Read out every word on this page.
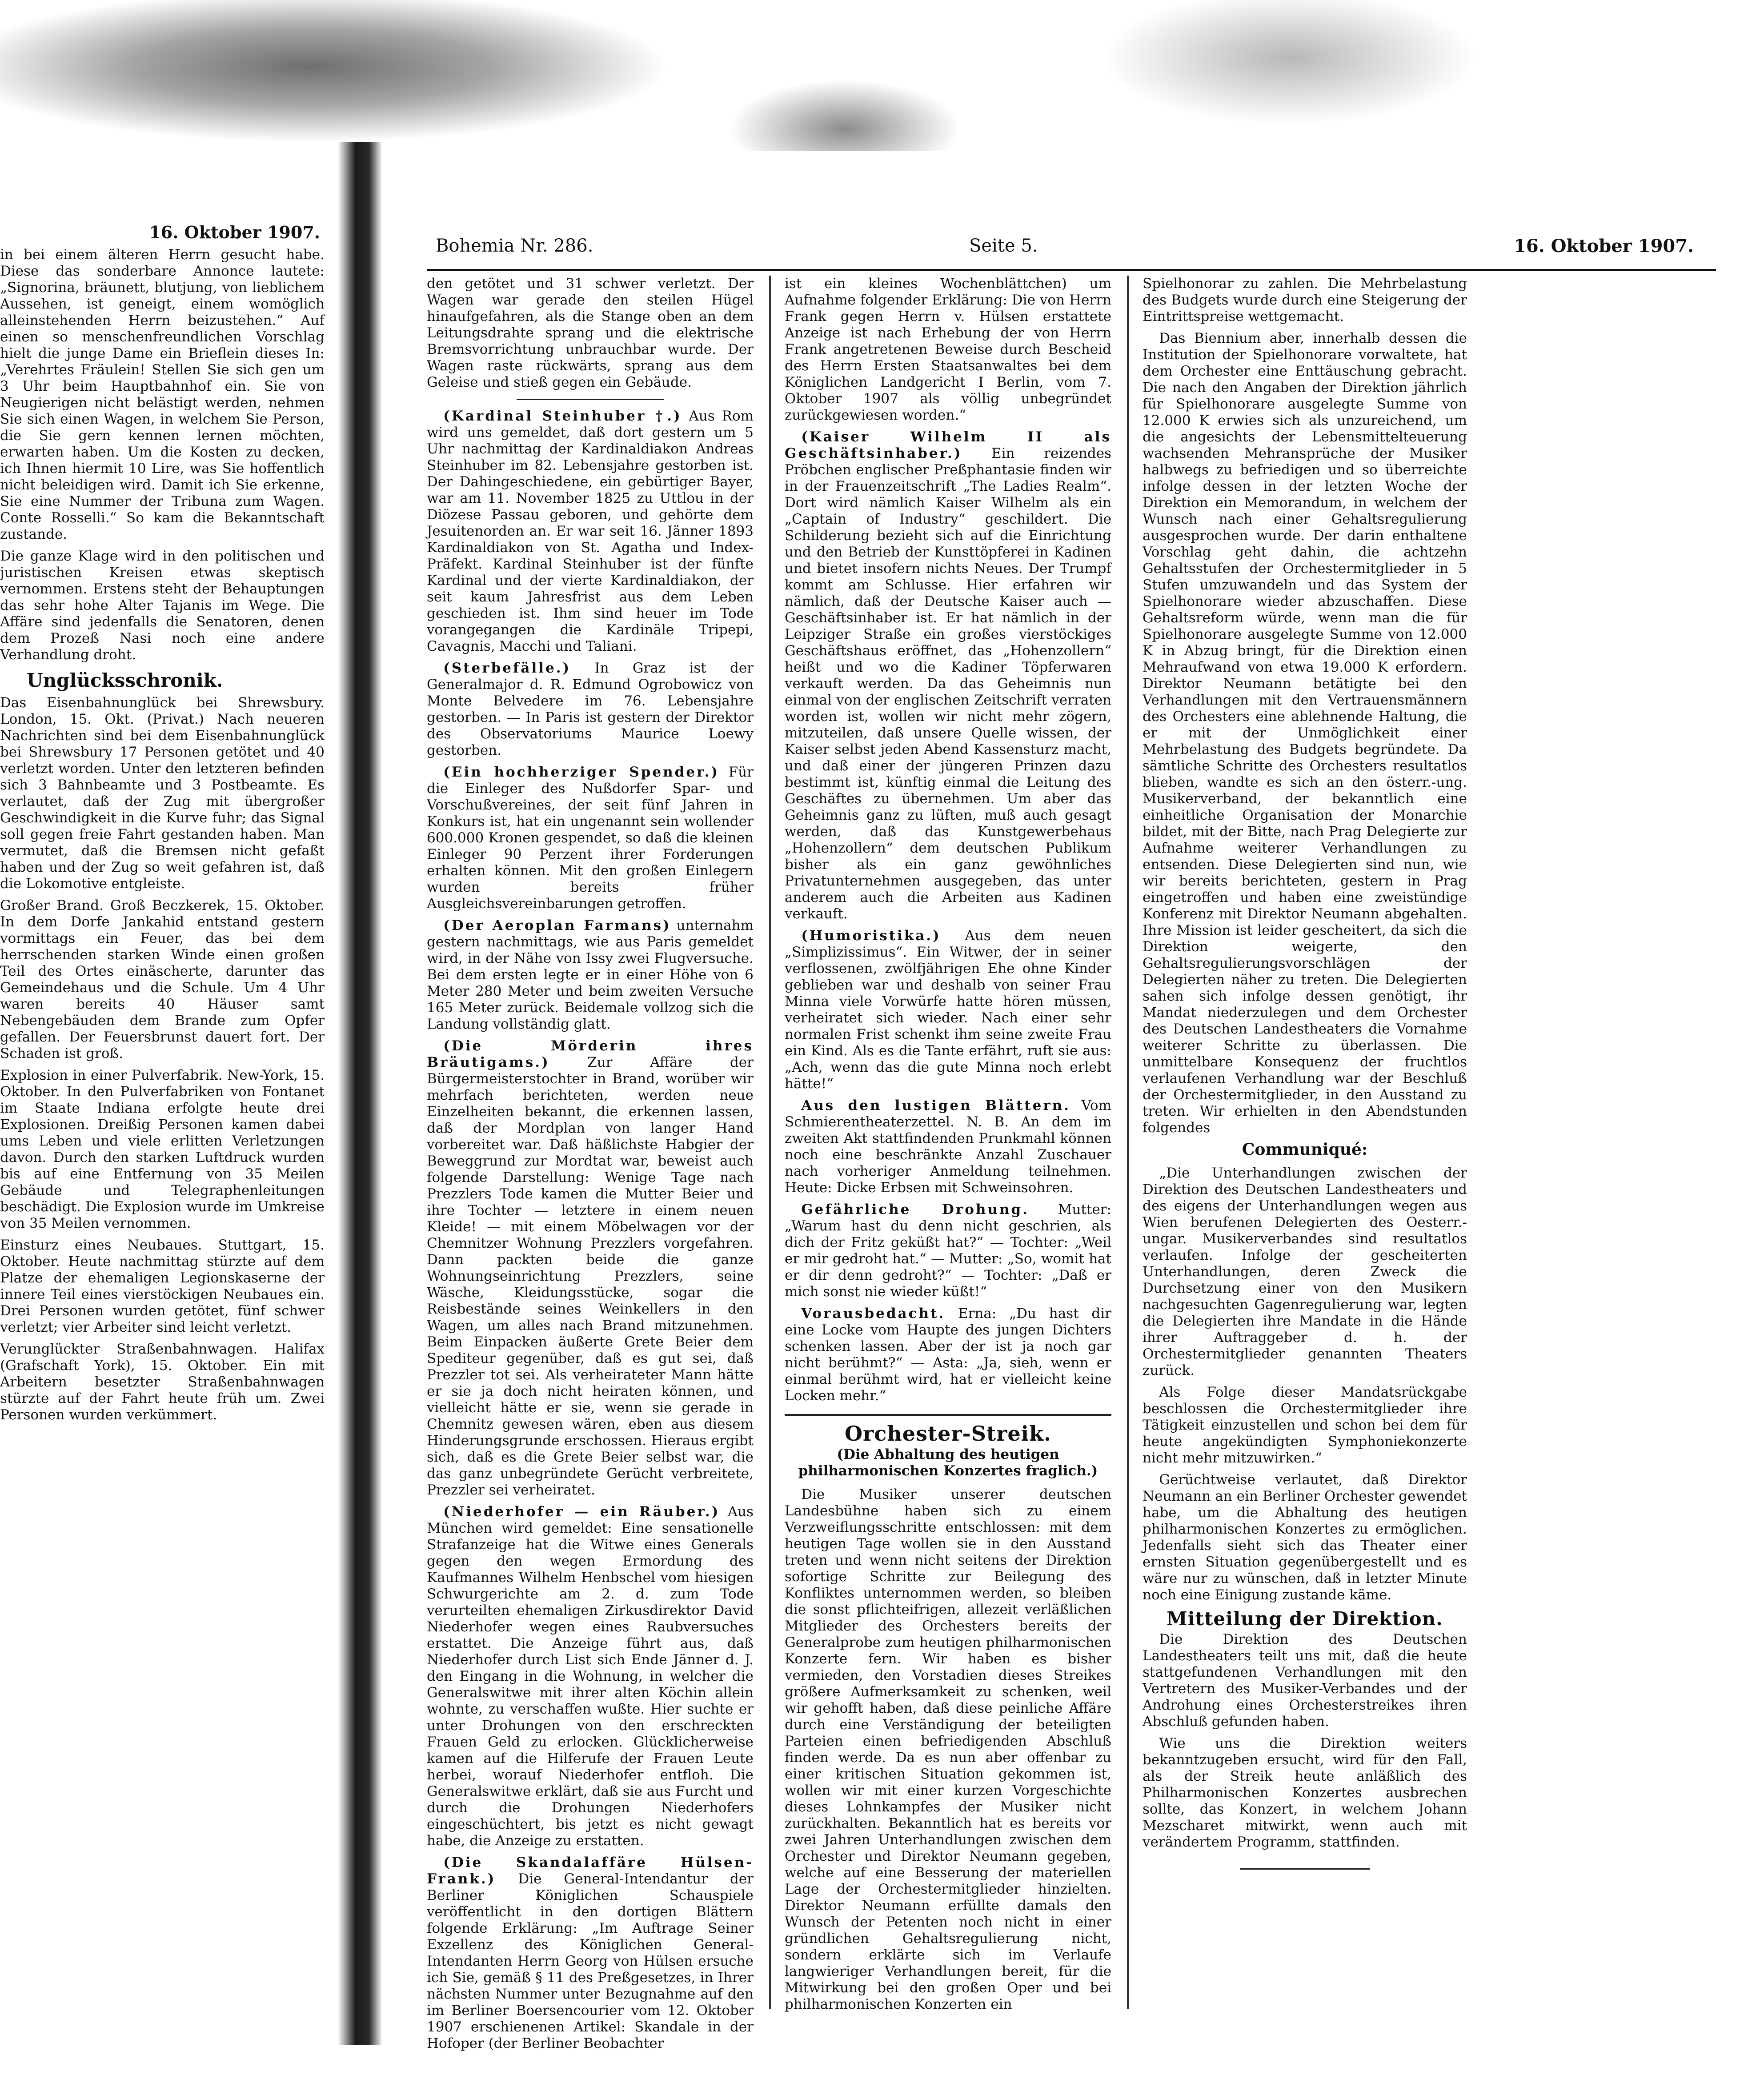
16. Oktober 1907.

in bei einem älteren Herrn gesucht habe. Diese das sonderbare Annonce lautete: „Signorina, bräunett, blutjung, von lieblichem Aussehen, ist geneigt, einem womöglich alleinstehenden Herrn beizustehen.“ Auf einen so menschenfreundlichen Vorschlag hielt die junge Dame ein Brieflein dieses In: „Verehrtes Fräulein! Stellen Sie sich gen um 3 Uhr beim Hauptbahnhof ein. Sie von Neugierigen nicht belästigt werden, nehmen Sie sich einen Wagen, in welchem Sie Person, die Sie gern kennen lernen möchten, erwarten haben. Um die Kosten zu decken, ich Ihnen hiermit 10 Lire, was Sie hoffentlich nicht beleidigen wird. Damit ich Sie erkenne, Sie eine Nummer der Tribuna zum Wagen. Conte Rosselli.“ So kam die Bekanntschaft zustande.

Die ganze Klage wird in den politischen und juristischen Kreisen etwas skeptisch vernommen. Erstens steht der Behauptungen das sehr hohe Alter Tajanis im Wege. Die Affäre sind jedenfalls die Senatoren, denen dem Prozeß Nasi noch eine andere Verhandlung droht.

Unglücksschronik.

Das Eisenbahnunglück bei Shrewsbury. London, 15. Okt. (Privat.) Nach neueren Nachrichten sind bei dem Eisenbahnunglück bei Shrewsbury 17 Personen getötet und 40 verletzt worden. Unter den letzteren befinden sich 3 Bahnbeamte und 3 Postbeamte. Es verlautet, daß der Zug mit übergroßer Geschwindigkeit in die Kurve fuhr; das Signal soll gegen freie Fahrt gestanden haben. Man vermutet, daß die Bremsen nicht gefaßt haben und der Zug so weit gefahren ist, daß die Lokomotive entgleiste.

Großer Brand. Groß Beczkerek, 15. Oktober. In dem Dorfe Jankahid entstand gestern vormittags ein Feuer, das bei dem herrschenden starken Winde einen großen Teil des Ortes einäscherte, darunter das Gemeindehaus und die Schule. Um 4 Uhr waren bereits 40 Häuser samt Nebengebäuden dem Brande zum Opfer gefallen. Der Feuersbrunst dauert fort. Der Schaden ist groß.

Explosion in einer Pulverfabrik. New-York, 15. Oktober. In den Pulverfabriken von Fontanet im Staate Indiana erfolgte heute drei Explosionen. Dreißig Personen kamen dabei ums Leben und viele erlitten Verletzungen davon. Durch den starken Luftdruck wurden bis auf eine Entfernung von 35 Meilen Gebäude und Telegraphenleitungen beschädigt. Die Explosion wurde im Umkreise von 35 Meilen vernommen.

Einsturz eines Neubaues. Stuttgart, 15. Oktober. Heute nachmittag stürzte auf dem Platze der ehemaligen Legionskaserne der innere Teil eines vierstöckigen Neubaues ein. Drei Personen wurden getötet, fünf schwer verletzt; vier Arbeiter sind leicht verletzt.

Verunglückter Straßenbahnwagen. Halifax (Grafschaft York), 15. Oktober. Ein mit Arbeitern besetzter Straßenbahnwagen stürzte auf der Fahrt heute früh um. Zwei Personen wurden verkümmert.

Bohemia Nr. 286.	Seite 5.	16. Oktober 1907.

den getötet und 31 schwer verletzt. Der Wagen war gerade den steilen Hügel hinaufgefahren, als die Stange oben an dem Leitungsdrahte sprang und die elektrische Bremsvorrichtung unbrauchbar wurde. Der Wagen raste rückwärts, sprang aus dem Geleise und stieß gegen ein Gebäude.

(Kardinal Steinhuber †.) Aus Rom wird uns gemeldet, daß dort gestern um 5 Uhr nachmittag der Kardinaldiakon Andreas Steinhuber im 82. Lebensjahre gestorben ist. Der Dahingeschiedene, ein gebürtiger Bayer, war am 11. November 1825 zu Uttlou in der Diözese Passau geboren, und gehörte dem Jesuitenorden an. Er war seit 16. Jänner 1893 Kardinaldiakon von St. Agatha und Index-Präfekt. Kardinal Steinhuber ist der fünfte Kardinal und der vierte Kardinaldiakon, der seit kaum Jahresfrist aus dem Leben geschieden ist. Ihm sind heuer im Tode vorangegangen die Kardinäle Tripepi, Cavagnis, Macchi und Taliani.

(Sterbefälle.) In Graz ist der Generalmajor d. R. Edmund Ogrobowicz von Monte Belvedere im 76. Lebensjahre gestorben. — In Paris ist gestern der Direktor des Observatoriums Maurice Loewy gestorben.

(Ein hochherziger Spender.) Für die Einleger des Nußdorfer Spar- und Vorschußvereines, der seit fünf Jahren in Konkurs ist, hat ein ungenannt sein wollender 600.000 Kronen gespendet, so daß die kleinen Einleger 90 Perzent ihrer Forderungen erhalten können. Mit den großen Einlegern wurden bereits früher Ausgleichsvereinbarungen getroffen.

(Der Aeroplan Farmans) unternahm gestern nachmittags, wie aus Paris gemeldet wird, in der Nähe von Issy zwei Flugversuche. Bei dem ersten legte er in einer Höhe von 6 Meter 280 Meter und beim zweiten Versuche 165 Meter zurück. Beidemale vollzog sich die Landung vollständig glatt.

(Die Mörderin ihres Bräutigams.) Zur Affäre der Bürgermeisterstochter in Brand, worüber wir mehrfach berichteten, werden neue Einzelheiten bekannt, die erkennen lassen, daß der Mordplan von langer Hand vorbereitet war. Daß häßlichste Habgier der Beweggrund zur Mordtat war, beweist auch folgende Darstellung: Wenige Tage nach Prezzlers Tode kamen die Mutter Beier und ihre Tochter — letztere in einem neuen Kleide! — mit einem Möbelwagen vor der Chemnitzer Wohnung Prezzlers vorgefahren. Dann packten beide die ganze Wohnungseinrichtung Prezzlers, seine Wäsche, Kleidungsstücke, sogar die Reisbestände seines Weinkellers in den Wagen, um alles nach Brand mitzunehmen. Beim Einpacken äußerte Grete Beier dem Spediteur gegenüber, daß es gut sei, daß Prezzler tot sei. Als verheirateter Mann hätte er sie ja doch nicht heiraten können, und vielleicht hätte er sie, wenn sie gerade in Chemnitz gewesen wären, eben aus diesem Hinderungsgrunde erschossen. Hieraus ergibt sich, daß es die Grete Beier selbst war, die das ganz unbegründete Gerücht verbreitete, Prezzler sei verheiratet.

(Niederhofer — ein Räuber.) Aus München wird gemeldet: Eine sensationelle Strafanzeige hat die Witwe eines Generals gegen den wegen Ermordung des Kaufmannes Wilhelm Henbschel vom hiesigen Schwurgerichte am 2. d. zum Tode verurteilten ehemaligen Zirkusdirektor David Niederhofer wegen eines Raubversuches erstattet. Die Anzeige führt aus, daß Niederhofer durch List sich Ende Jänner d. J. den Eingang in die Wohnung, in welcher die Generalswitwe mit ihrer alten Köchin allein wohnte, zu verschaffen wußte. Hier suchte er unter Drohungen von den erschreckten Frauen Geld zu erlocken. Glücklicherweise kamen auf die Hilferufe der Frauen Leute herbei, worauf Niederhofer entfloh. Die Generalswitwe erklärt, daß sie aus Furcht und durch die Drohungen Niederhofers eingeschüchtert, bis jetzt es nicht gewagt habe, die Anzeige zu erstatten.

(Die Skandalaffäre Hülsen-Frank.) Die General-Intendantur der Berliner Königlichen Schauspiele veröffentlicht in den dortigen Blättern folgende Erklärung: „Im Auftrage Seiner Exzellenz des Königlichen General-Intendanten Herrn Georg von Hülsen ersuche ich Sie, gemäß § 11 des Preßgesetzes, in Ihrer nächsten Nummer unter Bezugnahme auf den im Berliner Boersencourier vom 12. Oktober 1907 erschienenen Artikel: Skandale in der Hofoper (der Berliner Beobachter

ist ein kleines Wochenblättchen) um Aufnahme folgender Erklärung: Die von Herrn Frank gegen Herrn v. Hülsen erstattete Anzeige ist nach Erhebung der von Herrn Frank angetretenen Beweise durch Bescheid des Herrn Ersten Staatsanwaltes bei dem Königlichen Landgericht I Berlin, vom 7. Oktober 1907 als völlig unbegründet zurückgewiesen worden.“

(Kaiser Wilhelm II als Geschäftsinhaber.) Ein reizendes Pröbchen englischer Preßphantasie finden wir in der Frauenzeitschrift „The Ladies Realm“. Dort wird nämlich Kaiser Wilhelm als ein „Captain of Industry“ geschildert. Die Schilderung bezieht sich auf die Einrichtung und den Betrieb der Kunsttöpferei in Kadinen und bietet insofern nichts Neues. Der Trumpf kommt am Schlusse. Hier erfahren wir nämlich, daß der Deutsche Kaiser auch — Geschäftsinhaber ist. Er hat nämlich in der Leipziger Straße ein großes vierstöckiges Geschäftshaus eröffnet, das „Hohenzollern“ heißt und wo die Kadiner Töpferwaren verkauft werden. Da das Geheimnis nun einmal von der englischen Zeitschrift verraten worden ist, wollen wir nicht mehr zögern, mitzuteilen, daß unsere Quelle wissen, der Kaiser selbst jeden Abend Kassensturz macht, und daß einer der jüngeren Prinzen dazu bestimmt ist, künftig einmal die Leitung des Geschäftes zu übernehmen. Um aber das Geheimnis ganz zu lüften, muß auch gesagt werden, daß das Kunstgewerbehaus „Hohenzollern“ dem deutschen Publikum bisher als ein ganz gewöhnliches Privatunternehmen ausgegeben, das unter anderem auch die Arbeiten aus Kadinen verkauft.

(Humoristika.) Aus dem neuen „Simplizissimus“. Ein Witwer, der in seiner verflossenen, zwölfjährigen Ehe ohne Kinder geblieben war und deshalb von seiner Frau Minna viele Vorwürfe hatte hören müssen, verheiratet sich wieder. Nach einer sehr normalen Frist schenkt ihm seine zweite Frau ein Kind. Als es die Tante erfährt, ruft sie aus: „Ach, wenn das die gute Minna noch erlebt hätte!“

Aus den lustigen Blättern. Vom Schmierentheaterzettel. N. B. An dem im zweiten Akt stattfindenden Prunkmahl können noch eine beschränkte Anzahl Zuschauer nach vorheriger Anmeldung teilnehmen. Heute: Dicke Erbsen mit Schweinsohren.

Gefährliche Drohung. Mutter: „Warum hast du denn nicht geschrien, als dich der Fritz geküßt hat?“ — Tochter: „Weil er mir gedroht hat.“ — Mutter: „So, womit hat er dir denn gedroht?“ — Tochter: „Daß er mich sonst nie wieder küßt!“

Vorausbedacht. Erna: „Du hast dir eine Locke vom Haupte des jungen Dichters schenken lassen. Aber der ist ja noch gar nicht berühmt?“ — Asta: „Ja, sieh, wenn er einmal berühmt wird, hat er vielleicht keine Locken mehr.“

Orchester-Streik.
(Die Abhaltung des heutigen philharmonischen Konzertes fraglich.)

Die Musiker unserer deutschen Landesbühne haben sich zu einem Verzweiflungsschritte entschlossen: mit dem heutigen Tage wollen sie in den Ausstand treten und wenn nicht seitens der Direktion sofortige Schritte zur Beilegung des Konfliktes unternommen werden, so bleiben die sonst pflichteifrigen, allezeit verläßlichen Mitglieder des Orchesters bereits der Generalprobe zum heutigen philharmonischen Konzerte fern. Wir haben es bisher vermieden, den Vorstadien dieses Streikes größere Aufmerksamkeit zu schenken, weil wir gehofft haben, daß diese peinliche Affäre durch eine Verständigung der beteiligten Parteien einen befriedigenden Abschluß finden werde. Da es nun aber offenbar zu einer kritischen Situation gekommen ist, wollen wir mit einer kurzen Vorgeschichte dieses Lohnkampfes der Musiker nicht zurückhalten. Bekanntlich hat es bereits vor zwei Jahren Unterhandlungen zwischen dem Orchester und Direktor Neumann gegeben, welche auf eine Besserung der materiellen Lage der Orchestermitglieder hinzielten. Direktor Neumann erfüllte damals den Wunsch der Petenten noch nicht in einer gründlichen Gehaltsregulierung nicht, sondern erklärte sich im Verlaufe langwieriger Verhandlungen bereit, für die Mitwirkung bei den großen Oper und bei philharmonischen Konzerten ein

Spielhonorar zu zahlen. Die Mehrbelastung des Budgets wurde durch eine Steigerung der Eintrittspreise wettgemacht.

Das Biennium aber, innerhalb dessen die Institution der Spielhonorare vorwaltete, hat dem Orchester eine Enttäuschung gebracht. Die nach den Angaben der Direktion jährlich für Spielhonorare ausgelegte Summe von 12.000 K erwies sich als unzureichend, um die angesichts der Lebensmittelteuerung wachsenden Mehransprüche der Musiker halbwegs zu befriedigen und so überreichte infolge dessen in der letzten Woche der Direktion ein Memorandum, in welchem der Wunsch nach einer Gehaltsregulierung ausgesprochen wurde. Der darin enthaltene Vorschlag geht dahin, die achtzehn Gehaltsstufen der Orchestermitglieder in 5 Stufen umzuwandeln und das System der Spielhonorare wieder abzuschaffen. Diese Gehaltsreform würde, wenn man die für Spielhonorare ausgelegte Summe von 12.000 K in Abzug bringt, für die Direktion einen Mehraufwand von etwa 19.000 K erfordern. Direktor Neumann betätigte bei den Verhandlungen mit den Vertrauensmännern des Orchesters eine ablehnende Haltung, die er mit der Unmöglichkeit einer Mehrbelastung des Budgets begründete. Da sämtliche Schritte des Orchesters resultatlos blieben, wandte es sich an den österr.-ung. Musikerverband, der bekanntlich eine einheitliche Organisation der Monarchie bildet, mit der Bitte, nach Prag Delegierte zur Aufnahme weiterer Verhandlungen zu entsenden. Diese Delegierten sind nun, wie wir bereits berichteten, gestern in Prag eingetroffen und haben eine zweistündige Konferenz mit Direktor Neumann abgehalten. Ihre Mission ist leider gescheitert, da sich die Direktion weigerte, den Gehaltsregulierungsvorschlägen der Delegierten näher zu treten. Die Delegierten sahen sich infolge dessen genötigt, ihr Mandat niederzulegen und dem Orchester des Deutschen Landestheaters die Vornahme weiterer Schritte zu überlassen. Die unmittelbare Konsequenz der fruchtlos verlaufenen Verhandlung war der Beschluß der Orchestermitglieder, in den Ausstand zu treten. Wir erhielten in den Abendstunden folgendes

Communiqué:

„Die Unterhandlungen zwischen der Direktion des Deutschen Landestheaters und des eigens der Unterhandlungen wegen aus Wien berufenen Delegierten des Oesterr.-ungar. Musikerverbandes sind resultatlos verlaufen. Infolge der gescheiterten Unterhandlungen, deren Zweck die Durchsetzung einer von den Musikern nachgesuchten Gagenregulierung war, legten die Delegierten ihre Mandate in die Hände ihrer Auftraggeber d. h. der Orchestermitglieder genannten Theaters zurück.

Als Folge dieser Mandatsrückgabe beschlossen die Orchestermitglieder ihre Tätigkeit einzustellen und schon bei dem für heute angekündigten Symphoniekonzerte nicht mehr mitzuwirken.“

Gerüchtweise verlautet, daß Direktor Neumann an ein Berliner Orchester gewendet habe, um die Abhaltung des heutigen philharmonischen Konzertes zu ermöglichen. Jedenfalls sieht sich das Theater einer ernsten Situation gegenübergestellt und es wäre nur zu wünschen, daß in letzter Minute noch eine Einigung zustande käme.

Mitteilung der Direktion.

Die Direktion des Deutschen Landestheaters teilt uns mit, daß die heute stattgefundenen Verhandlungen mit den Vertretern des Musiker-Verbandes und der Androhung eines Orchesterstreikes ihren Abschluß gefunden haben.

Wie uns die Direktion weiters bekanntzugeben ersucht, wird für den Fall, als der Streik heute anläßlich des Philharmonischen Konzertes ausbrechen sollte, das Konzert, in welchem Johann Mezscharet mitwirkt, wenn auch mit verändertem Programm, stattfinden.
